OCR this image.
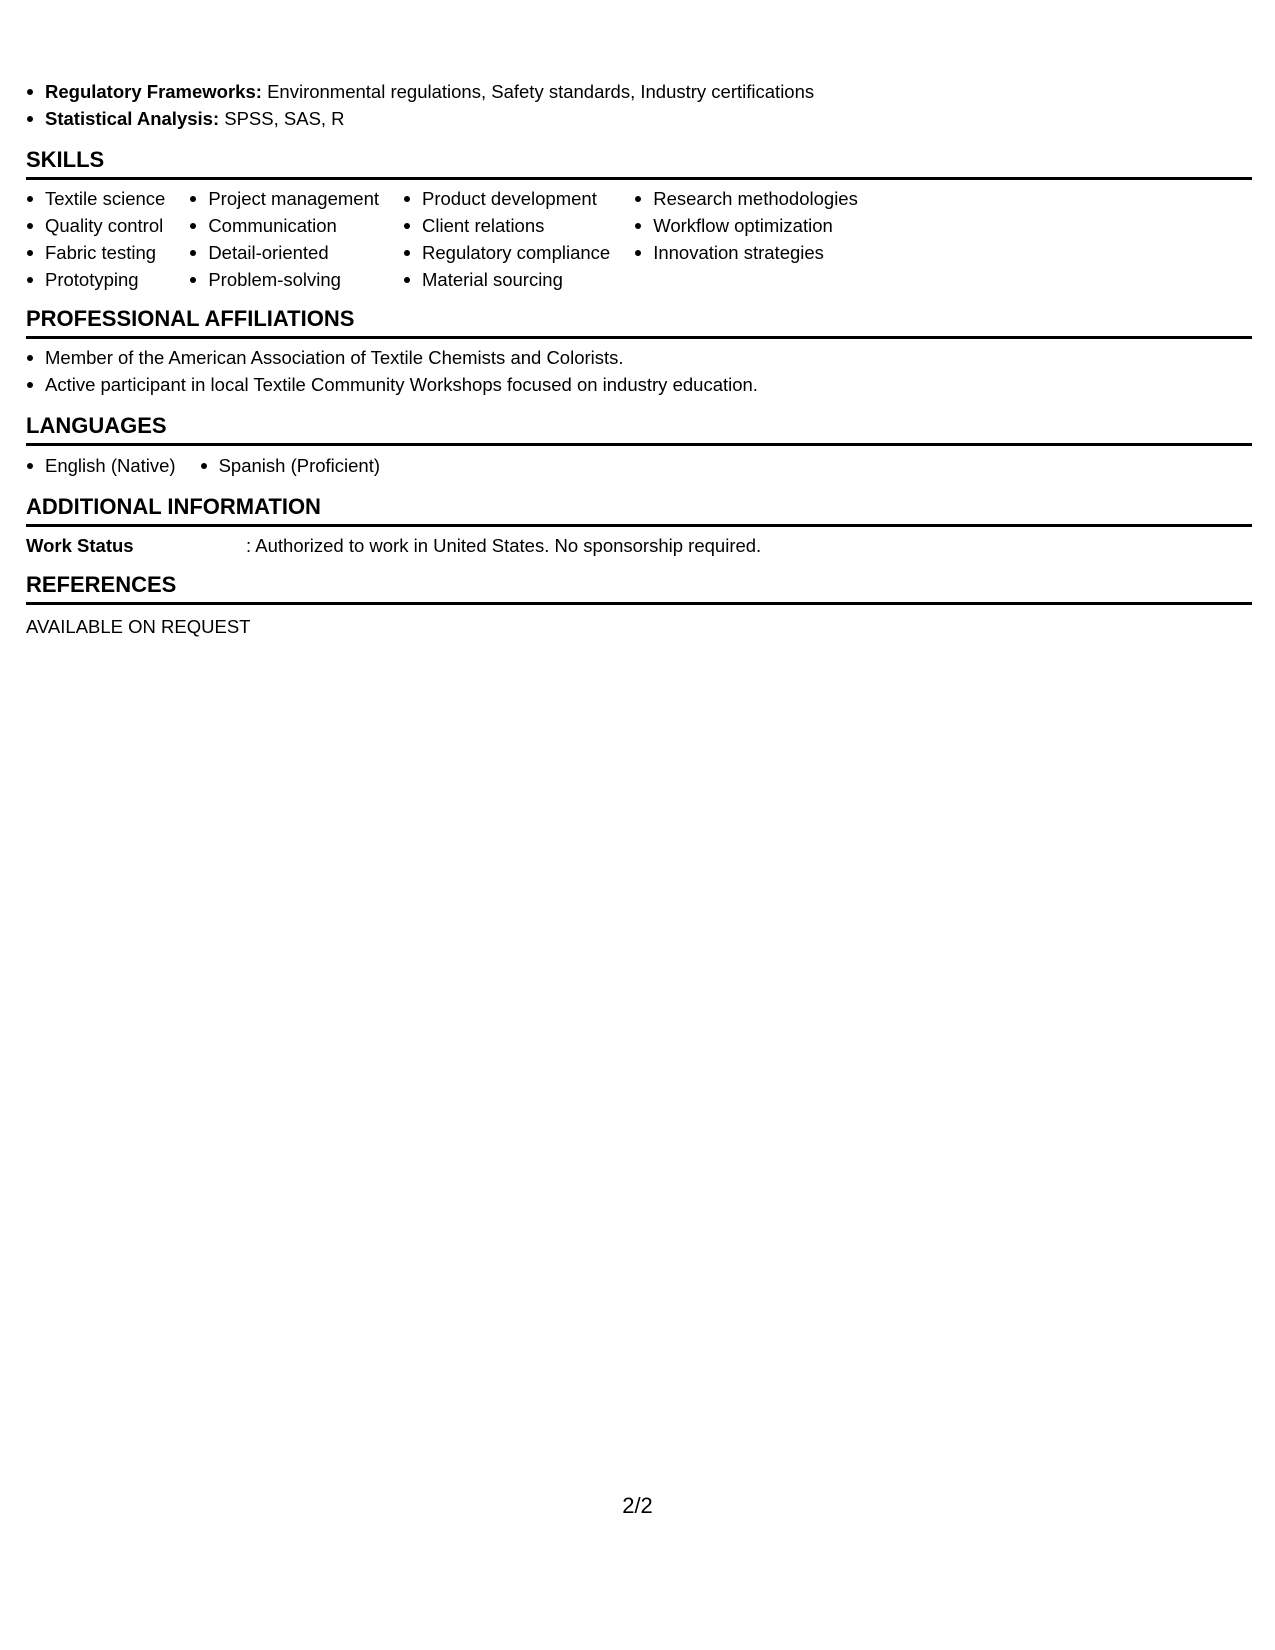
Regulatory Frameworks: Environmental regulations, Safety standards, Industry certifications
Statistical Analysis: SPSS, SAS, R
SKILLS
Textile science
Quality control
Fabric testing
Prototyping
Project management
Communication
Detail-oriented
Problem-solving
Product development
Client relations
Regulatory compliance
Material sourcing
Research methodologies
Workflow optimization
Innovation strategies
PROFESSIONAL AFFILIATIONS
Member of the American Association of Textile Chemists and Colorists.
Active participant in local Textile Community Workshops focused on industry education.
LANGUAGES
English (Native)	Spanish (Proficient)
ADDITIONAL INFORMATION
Work Status	: Authorized to work in United States. No sponsorship required.
REFERENCES
AVAILABLE ON REQUEST
2/2
